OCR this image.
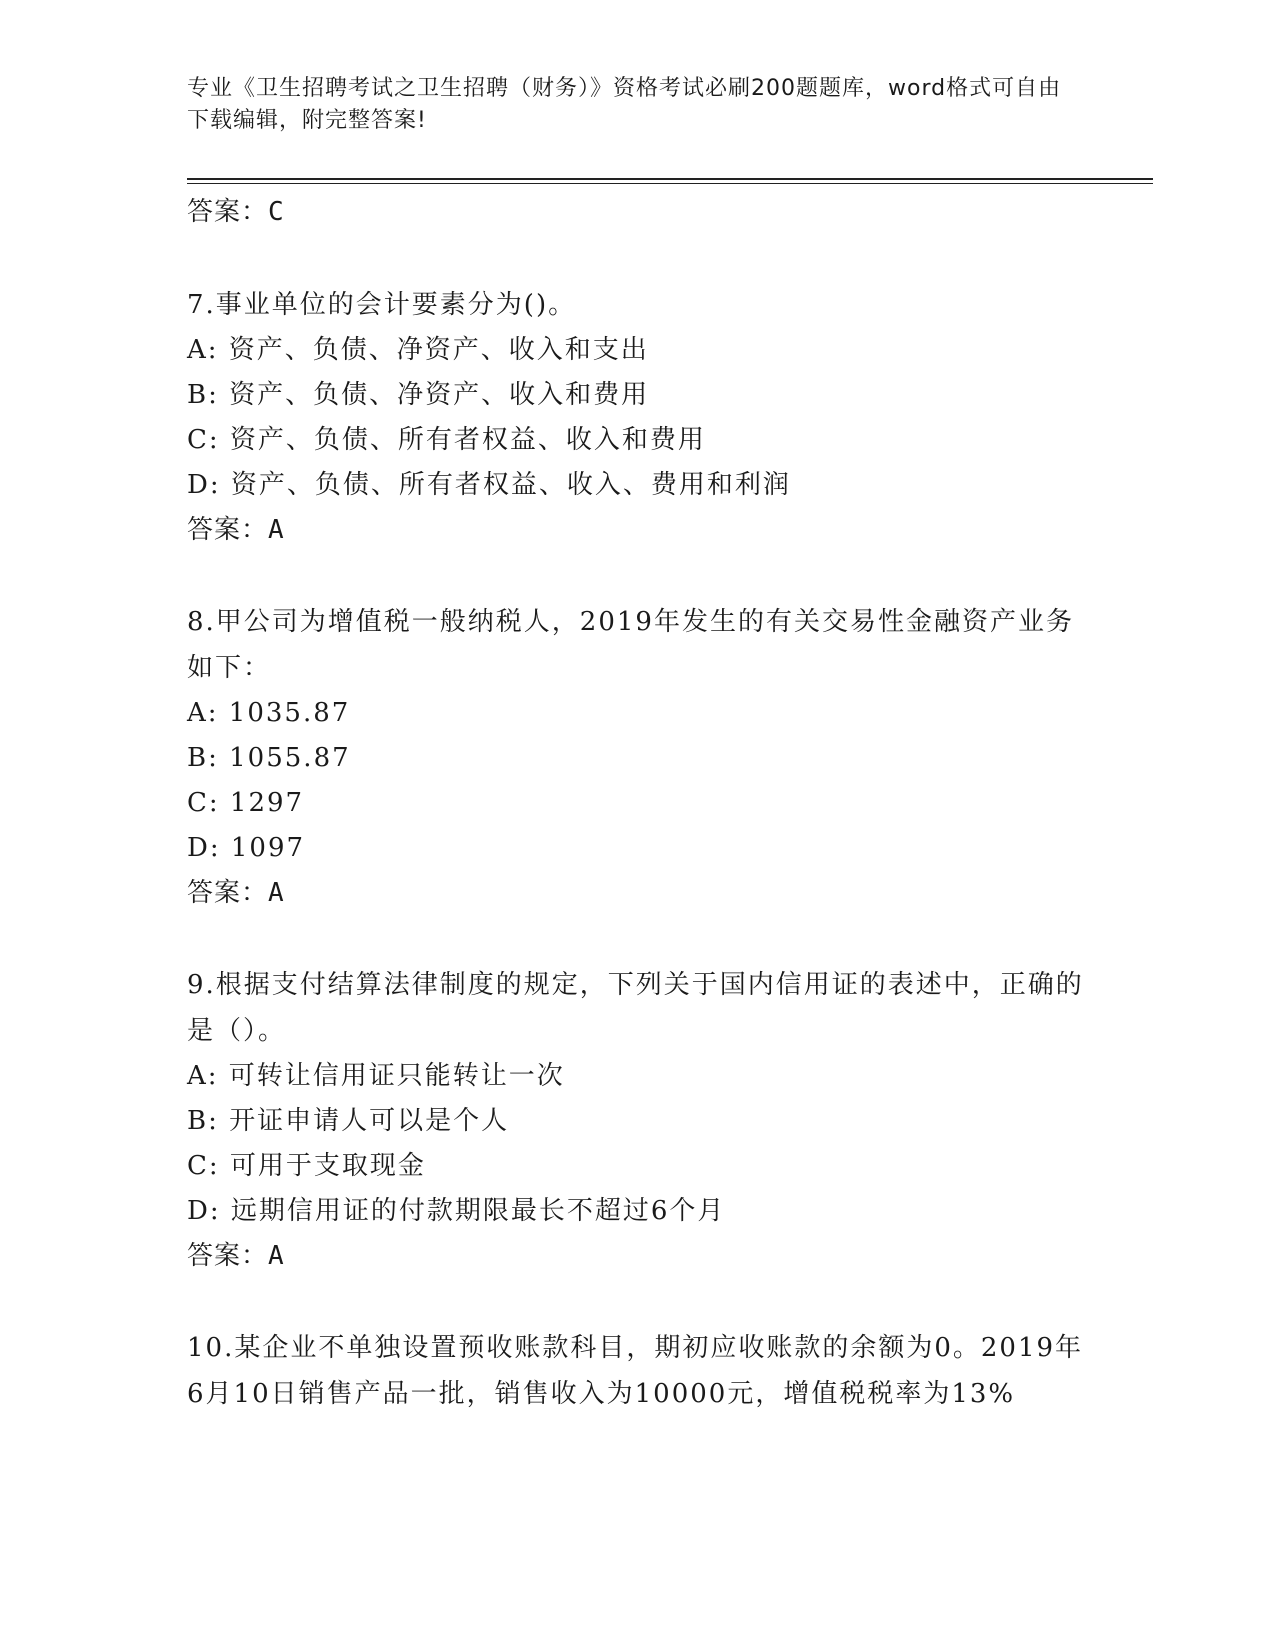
专业《卫生招聘考试之卫生招聘（财务）》资格考试必刷200题题库，word格式可自由下载编辑，附完整答案!
答案：C
7.事业单位的会计要素分为()。
A: 资产、负债、净资产、收入和支出
B: 资产、负债、净资产、收入和费用
C: 资产、负债、所有者权益、收入和费用
D: 资产、负债、所有者权益、收入、费用和利润
答案：A
8.甲公司为增值税一般纳税人，2019年发生的有关交易性金融资产业务如下：
A: 1035.87
B: 1055.87
C: 1297
D: 1097
答案：A
9.根据支付结算法律制度的规定，下列关于国内信用证的表述中，正确的是（）。
A: 可转让信用证只能转让一次
B: 开证申请人可以是个人
C: 可用于支取现金
D: 远期信用证的付款期限最长不超过6个月
答案：A
10.某企业不单独设置预收账款科目，期初应收账款的余额为0。2019年6月10日销售产品一批，销售收入为10000元，增值税税率为13%
